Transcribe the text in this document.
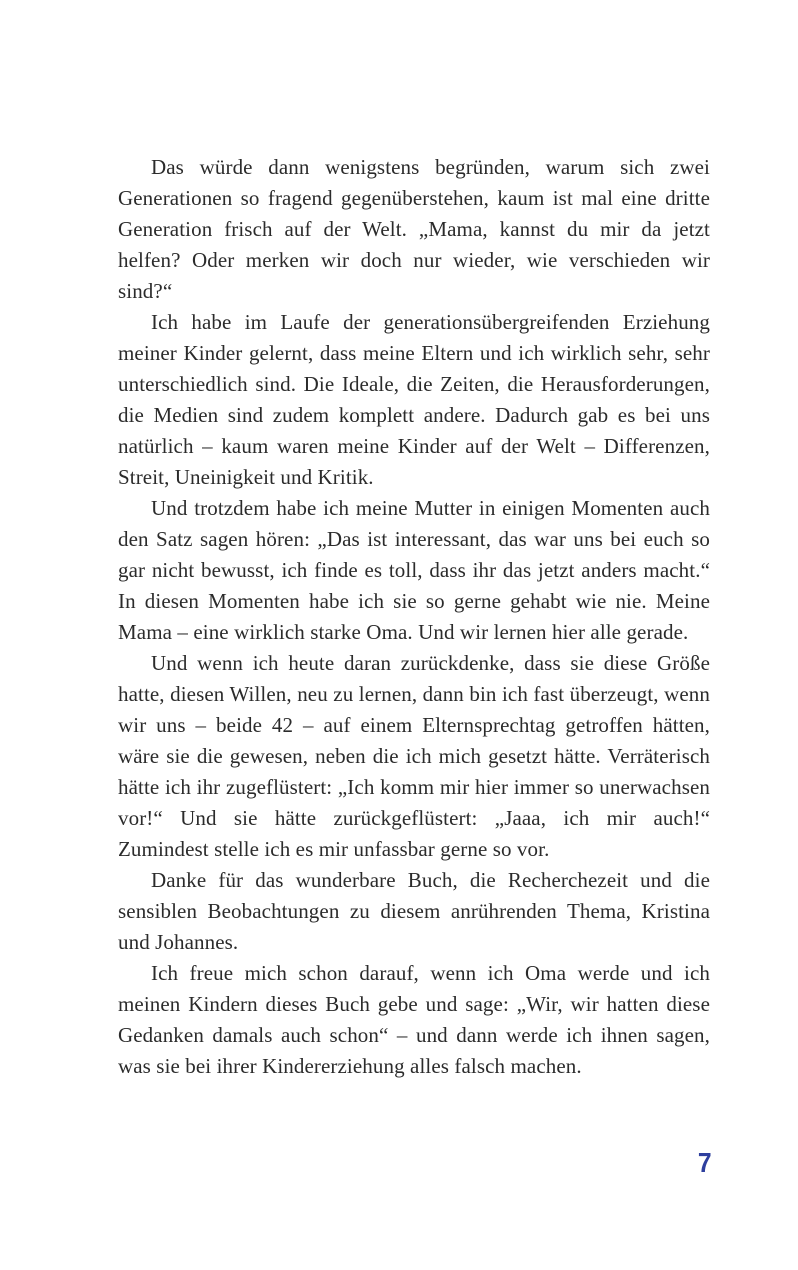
Das würde dann wenigstens begründen, warum sich zwei Generationen so fragend gegenüberstehen, kaum ist mal eine dritte Generation frisch auf der Welt. „Mama, kannst du mir da jetzt helfen? Oder merken wir doch nur wieder, wie verschieden wir sind?“

Ich habe im Laufe der generationsübergreifenden Erziehung meiner Kinder gelernt, dass meine Eltern und ich wirklich sehr, sehr unterschiedlich sind. Die Ideale, die Zeiten, die Herausforderungen, die Medien sind zudem komplett andere. Dadurch gab es bei uns natürlich – kaum waren meine Kinder auf der Welt – Differenzen, Streit, Uneinigkeit und Kritik.

Und trotzdem habe ich meine Mutter in einigen Momenten auch den Satz sagen hören: „Das ist interessant, das war uns bei euch so gar nicht bewusst, ich finde es toll, dass ihr das jetzt anders macht.“ In diesen Momenten habe ich sie so gerne gehabt wie nie. Meine Mama – eine wirklich starke Oma. Und wir lernen hier alle gerade.

Und wenn ich heute daran zurückdenke, dass sie diese Größe hatte, diesen Willen, neu zu lernen, dann bin ich fast überzeugt, wenn wir uns – beide 42 – auf einem Elternsprechtag getroffen hätten, wäre sie die gewesen, neben die ich mich gesetzt hätte. Verräterisch hätte ich ihr zugeflüstert: „Ich komm mir hier immer so unerwachsen vor!“ Und sie hätte zurückgeflüstert: „Jaaa, ich mir auch!“ Zumindest stelle ich es mir unfassbar gerne so vor.

Danke für das wunderbare Buch, die Recherchezeit und die sensiblen Beobachtungen zu diesem anrührenden Thema, Kristina und Johannes.

Ich freue mich schon darauf, wenn ich Oma werde und ich meinen Kindern dieses Buch gebe und sage: „Wir, wir hatten diese Gedanken damals auch schon“ – und dann werde ich ihnen sagen, was sie bei ihrer Kindererziehung alles falsch machen.

7
